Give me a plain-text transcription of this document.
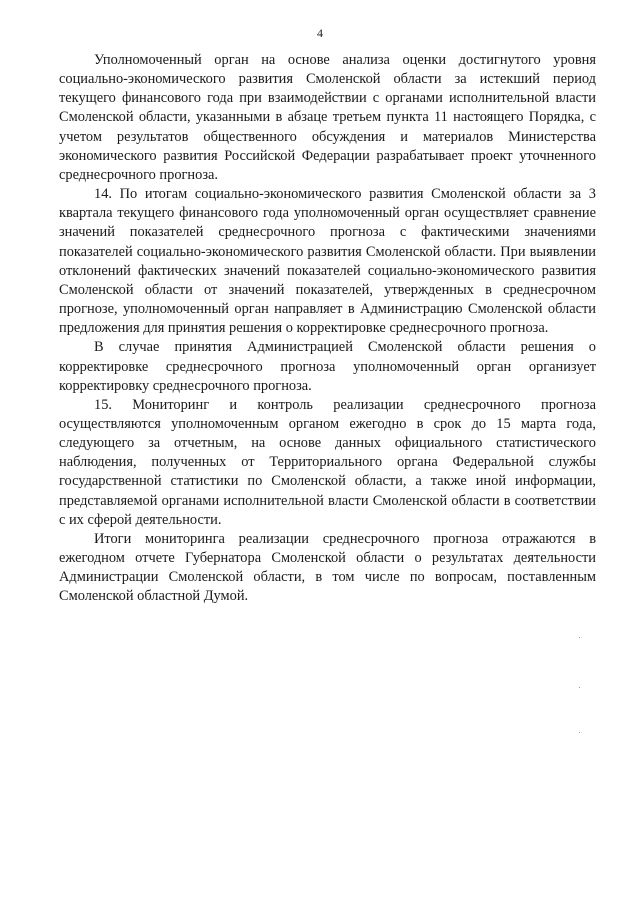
4

Уполномоченный орган на основе анализа оценки достигнутого уровня социально-экономического развития Смоленской области за истекший период текущего финансового года при взаимодействии с органами исполнительной власти Смоленской области, указанными в абзаце третьем пункта 11 настоящего Порядка, с учетом результатов общественного обсуждения и материалов Министерства экономического развития Российской Федерации разрабатывает проект уточненного среднесрочного прогноза.

14. По итогам социально-экономического развития Смоленской области за 3 квартала текущего финансового года уполномоченный орган осуществляет сравнение значений показателей среднесрочного прогноза с фактическими значениями показателей социально-экономического развития Смоленской области. При выявлении отклонений фактических значений показателей социально-экономического развития Смоленской области от значений показателей, утвержденных в среднесрочном прогнозе, уполномоченный орган направляет в Администрацию Смоленской области предложения для принятия решения о корректировке среднесрочного прогноза.

В случае принятия Администрацией Смоленской области решения о корректировке среднесрочного прогноза уполномоченный орган организует корректировку среднесрочного прогноза.

15. Мониторинг и контроль реализации среднесрочного прогноза осуществляются уполномоченным органом ежегодно в срок до 15 марта года, следующего за отчетным, на основе данных официального статистического наблюдения, полученных от Территориального органа Федеральной службы государственной статистики по Смоленской области, а также иной информации, представляемой органами исполнительной власти Смоленской области в соответствии с их сферой деятельности.

Итоги мониторинга реализации среднесрочного прогноза отражаются в ежегодном отчете Губернатора Смоленской области о результатах деятельности Администрации Смоленской области, в том числе по вопросам, поставленным Смоленской областной Думой.
